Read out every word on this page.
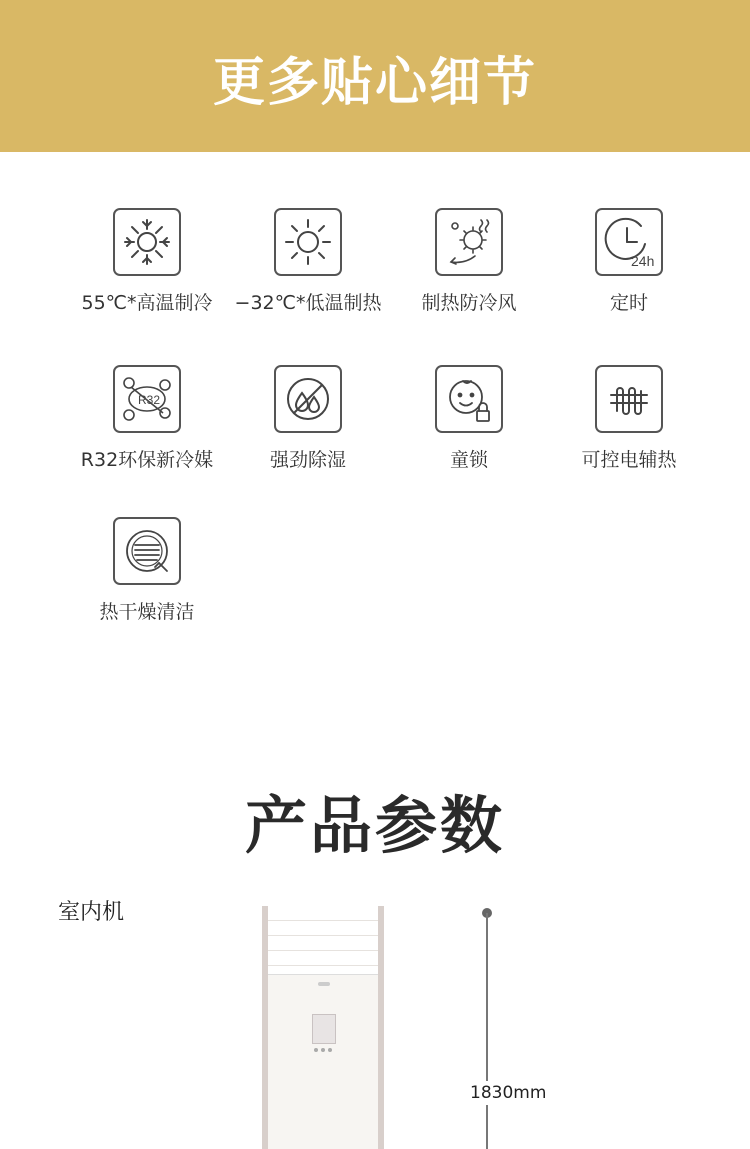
更多贴心细节
55℃*高温制冷	−32℃*低温制热	制热防冷风
24h
定时
R32
R32环保新冷媒	强劲除湿	童锁	可控电辅热
热干燥清洁
产品参数
室内机
1830mm
